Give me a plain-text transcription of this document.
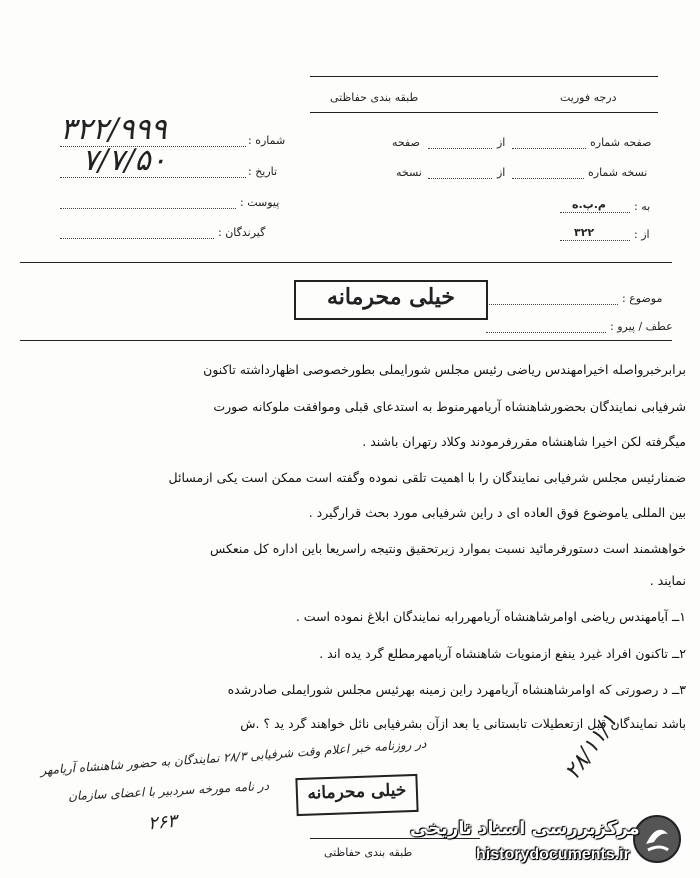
درجه فوریت
طبقه بندی حفاظتی
صفحه شماره
از
صفحه
نسخه شماره
از
نسخه
به :
م.پ.ه
از :
۳۲۲
شماره :
۳۲۲/۹۹۹
تاریخ :
۷/۷/۵۰
پیوست :
گیرندگان :
موضوع :
خیلی محرمانه
عطف / پیرو :
برابرخبرواصله اخیرامهندس ریاضی رئیس مجلس شورایملی بطورخصوصی اظهارداشته تاکنون
شرفیابی نمایندگان بحضورشاهنشاه آریامهرمنوط به استدعای قبلی وموافقت ملوکانه صورت
میگرفته لکن اخیرا شاهنشاه مقررفرمودند وکلاد رتهران باشند .
ضمنارئیس مجلس شرفیابی نمایندگان را با اهمیت تلقی نموده وگفته است ممکن است یکی ازمسائل
بین المللی یاموضوع فوق العاده ای د راین شرفیابی مورد بحث قرارگیرد .
خواهشمند است دستورفرمائید نسبت بموارد زیرتحقیق ونتیجه راسریعا باین اداره کل منعکس
نمایند .
۱ــ آیامهندس ریاضی اوامرشاهنشاه آریامهررابه نمایندگان ابلاغ نموده است .
۲ــ تاکنون افراد غیرد ینفع ازمنویات شاهنشاه آریامهرمطلع گرد یده اند .
۳ــ د رصورتی که اوامرشاهنشاه آریامهرد راین زمینه بهرئیس مجلس شورایملی صادرشده
باشد نمایندگان قبل ازتعطیلات تابستانی یا بعد ازآن بشرفیابی نائل خواهند گرد ید ؟ .ش
در روزنامه خبر اعلام وقت شرفیابی ۲۸/۳ نمایندگان به حضور شاهنشاه آریامهر
در نامه مورخه سردبیر با اعضای سازمان
۲۶۳
۲۸/۱۱/۱
خیلی محرمانه
طبقه بندی حفاظتی
مرکزبررسی اسناد تاریخی
historydocuments.ir
